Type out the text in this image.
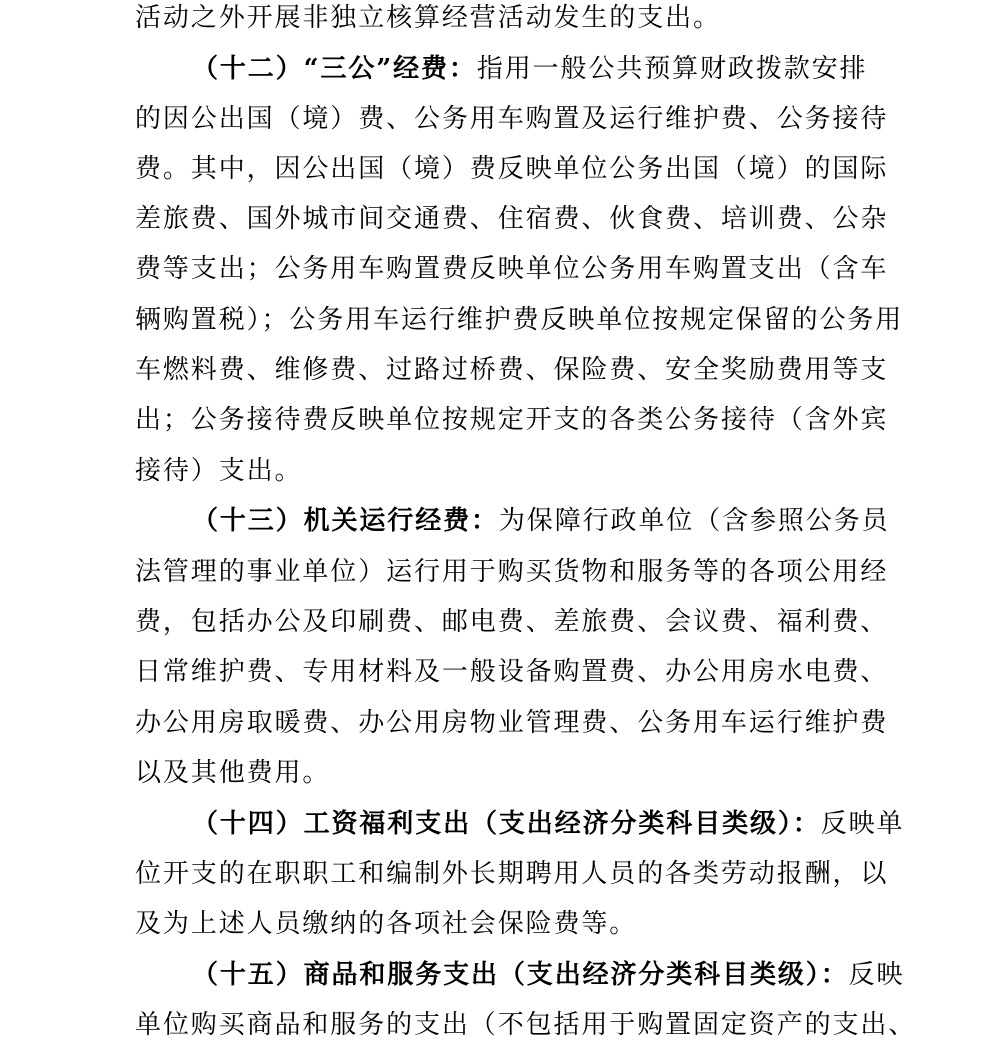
活动之外开展非独立核算经营活动发生的支出。
（十二）“三公”经费：指用一般公共预算财政拨款安排
的因公出国（境）费、公务用车购置及运行维护费、公务接待
费。其中，因公出国（境）费反映单位公务出国（境）的国际
差旅费、国外城市间交通费、住宿费、伙食费、培训费、公杂
费等支出；公务用车购置费反映单位公务用车购置支出（含车
辆购置税）；公务用车运行维护费反映单位按规定保留的公务用
车燃料费、维修费、过路过桥费、保险费、安全奖励费用等支
出；公务接待费反映单位按规定开支的各类公务接待（含外宾
接待）支出。
（十三）机关运行经费：为保障行政单位（含参照公务员
法管理的事业单位）运行用于购买货物和服务等的各项公用经
费，包括办公及印刷费、邮电费、差旅费、会议费、福利费、
日常维护费、专用材料及一般设备购置费、办公用房水电费、
办公用房取暖费、办公用房物业管理费、公务用车运行维护费
以及其他费用。
（十四）工资福利支出（支出经济分类科目类级）：反映单
位开支的在职职工和编制外长期聘用人员的各类劳动报酬，以
及为上述人员缴纳的各项社会保险费等。
（十五）商品和服务支出（支出经济分类科目类级）：反映
单位购买商品和服务的支出（不包括用于购置固定资产的支出、
